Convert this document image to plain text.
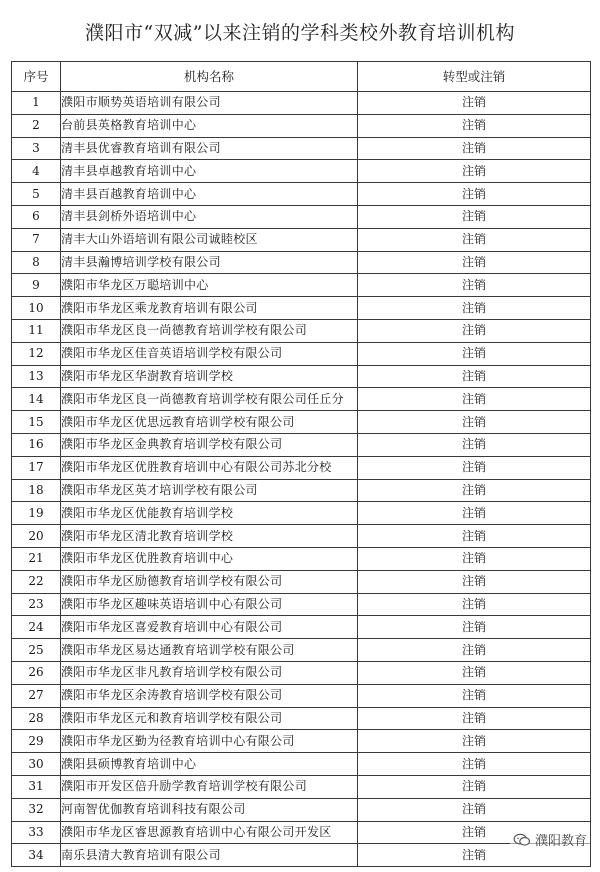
濮阳市“双减”以来注销的学科类校外教育培训机构
序号	机构名称	转型或注销
1	濮阳市顺势英语培训有限公司	注销
2	台前县英格教育培训中心	注销
3	清丰县优睿教育培训有限公司	注销
4	清丰县卓越教育培训中心	注销
5	清丰县百越教育培训中心	注销
6	清丰县剑桥外语培训中心	注销
7	清丰大山外语培训有限公司诚睦校区	注销
8	清丰县瀚博培训学校有限公司	注销
9	濮阳市华龙区万聪培训中心	注销
10	濮阳市华龙区乘龙教育培训有限公司	注销
11	濮阳市华龙区良一尚德教育培训学校有限公司	注销
12	濮阳市华龙区佳音英语培训学校有限公司	注销
13	濮阳市华龙区华澍教育培训学校	注销
14	濮阳市华龙区良一尚德教育培训学校有限公司任丘分	注销
15	濮阳市华龙区优思远教育培训学校有限公司	注销
16	濮阳市华龙区金典教育培训学校有限公司	注销
17	濮阳市华龙区优胜教育培训中心有限公司苏北分校	注销
18	濮阳市华龙区英才培训学校有限公司	注销
19	濮阳市华龙区优能教育培训学校	注销
20	濮阳市华龙区清北教育培训学校	注销
21	濮阳市华龙区优胜教育培训中心	注销
22	濮阳市华龙区励德教育培训学校有限公司	注销
23	濮阳市华龙区趣味英语培训中心有限公司	注销
24	濮阳市华龙区喜爱教育培训中心有限公司	注销
25	濮阳市华龙区易达通教育培训学校有限公司	注销
26	濮阳市华龙区非凡教育培训学校有限公司	注销
27	濮阳市华龙区余涛教育培训学校有限公司	注销
28	濮阳市华龙区元和教育培训学校有限公司	注销
29	濮阳市华龙区勤为径教育培训中心有限公司	注销
30	濮阳县硕博教育培训中心	注销
31	濮阳市开发区倍升励学教育培训学校有限公司	注销
32	河南智优伽教育培训科技有限公司	注销
33	濮阳市华龙区睿思源教育培训中心有限公司开发区	注销
34	南乐县清大教育培训有限公司	注销
濮阳教育
